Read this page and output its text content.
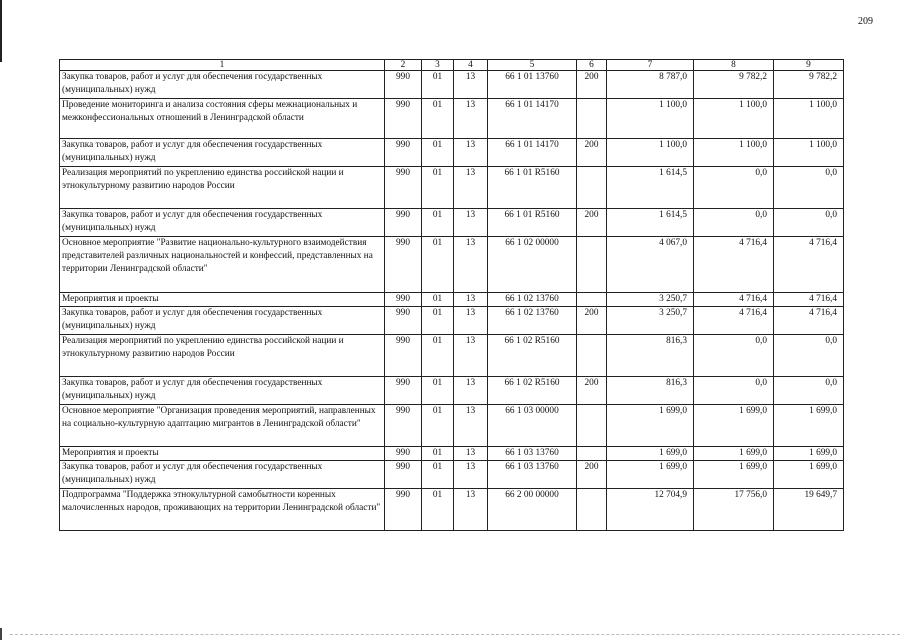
209
1	2	3	4	5	6	7	8	9
Закупка товаров, работ и услуг для обеспечения государственных (муниципальных) нужд	990	01	13	66 1 01 13760	200	8 787,0	9 782,2	9 782,2
Проведение мониторинга и анализа состояния сферы межнациональных и межконфессиональных отношений в Ленинградской области	990	01	13	66 1 01 14170		1 100,0	1 100,0	1 100,0
Закупка товаров, работ и услуг для обеспечения государственных (муниципальных) нужд	990	01	13	66 1 01 14170	200	1 100,0	1 100,0	1 100,0
Реализация мероприятий по укреплению единства российской нации и этнокультурному развитию народов России	990	01	13	66 1 01 R5160		1 614,5	0,0	0,0
Закупка товаров, работ и услуг для обеспечения государственных (муниципальных) нужд	990	01	13	66 1 01 R5160	200	1 614,5	0,0	0,0
Основное мероприятие "Развитие национально-культурного взаимодействия представителей различных национальностей и конфессий, представленных на территории Ленинградской области"	990	01	13	66 1 02 00000		4 067,0	4 716,4	4 716,4
Мероприятия и проекты	990	01	13	66 1 02 13760		3 250,7	4 716,4	4 716,4
Закупка товаров, работ и услуг для обеспечения государственных (муниципальных) нужд	990	01	13	66 1 02 13760	200	3 250,7	4 716,4	4 716,4
Реализация мероприятий по укреплению единства российской нации и этнокультурному развитию народов России	990	01	13	66 1 02 R5160		816,3	0,0	0,0
Закупка товаров, работ и услуг для обеспечения государственных (муниципальных) нужд	990	01	13	66 1 02 R5160	200	816,3	0,0	0,0
Основное мероприятие "Организация проведения мероприятий, направленных на социально-культурную адаптацию мигрантов в Ленинградской области"	990	01	13	66 1 03 00000		1 699,0	1 699,0	1 699,0
Мероприятия и проекты	990	01	13	66 1 03 13760		1 699,0	1 699,0	1 699,0
Закупка товаров, работ и услуг для обеспечения государственных (муниципальных) нужд	990	01	13	66 1 03 13760	200	1 699,0	1 699,0	1 699,0
Подпрограмма "Поддержка этнокультурной самобытности коренных малочисленных народов, проживающих на территории Ленинградской области"	990	01	13	66 2 00 00000		12 704,9	17 756,0	19 649,7
